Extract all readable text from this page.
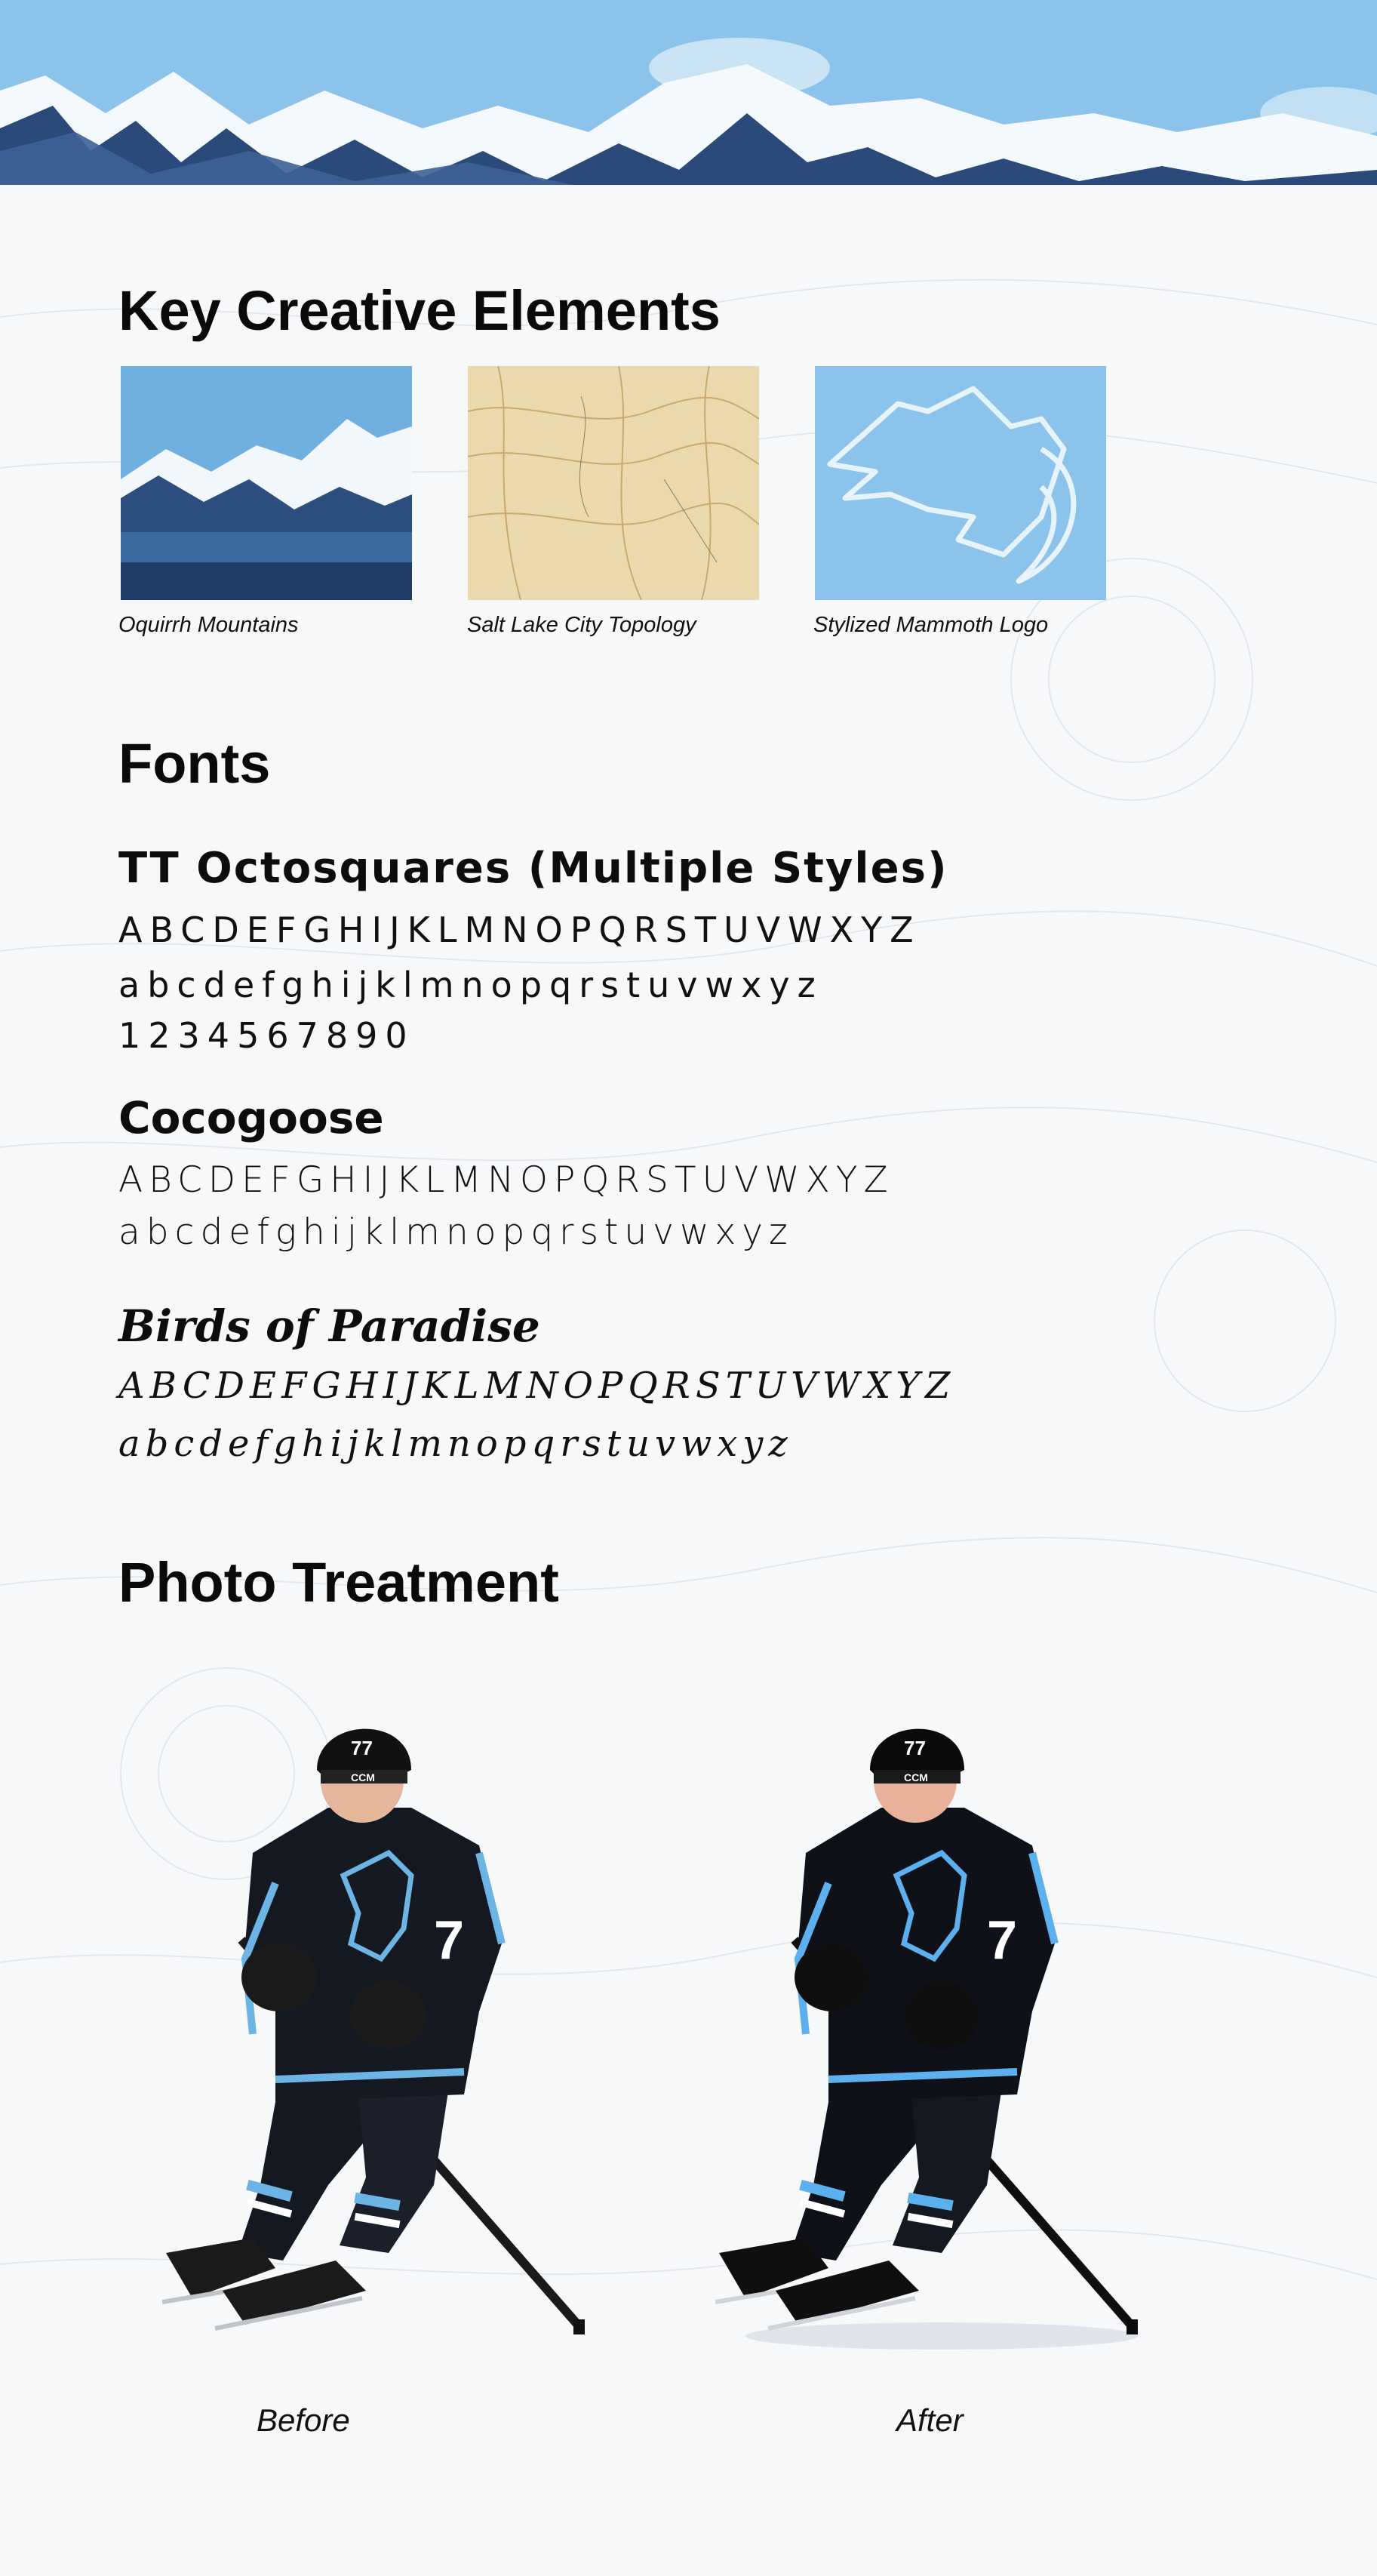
Key Creative Elements
Oquirrh Mountains	Salt Lake City Topology	Stylized Mammoth Logo
Fonts

TT Octosquares (Multiple Styles)

ABCDEFGHIJKLMNOPQRSTUVWXYZ

abcdefghijklmnopqrstuvwxyz

1234567890

Cocogoose

ABCDEFGHIJKLMNOPQRSTUVWXYZ

abcdefghijklmnopqrstuvwxyz

Birds of Paradise

ABCDEFGHIJKLMNOPQRSTUVWXYZ

abcdefghijklmnopqrstuvwxyz

Photo Treatment
7
77
CCM
7
77
CCM
Before	After
